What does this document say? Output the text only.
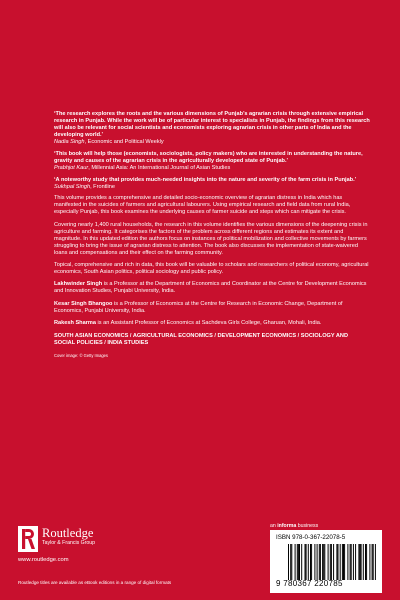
‘The research explores the roots and the various dimensions of Punjab’s agrarian crisis through extensive empirical research in Punjab. While the work will be of particular interest to specialists in Punjab, the findings from this research will also be relevant for social scientists and economists exploring agrarian crisis in other parts of India and the developing world.’
Nadia Singh, Economic and Political Weekly
‘This book will help those (economists, sociologists, policy makers) who are interested in understanding the nature, gravity and causes of the agrarian crisis in the agriculturally developed state of Punjab.’
Prabhjot Kaur, Millennial Asia: An International Journal of Asian Studies
‘A noteworthy study that provides much-needed insights into the nature and severity of the farm crisis in Punjab.’
Sukhpal Singh, Frontline

This volume provides a comprehensive and detailed socio-economic overview of agrarian distress in India which has manifested in the suicides of farmers and agricultural labourers. Using empirical research and field data from rural India, especially Punjab, this book examines the underlying causes of farmer suicide and steps which can mitigate the crisis.

Covering nearly 1,400 rural households, the research in this volume identifies the various dimensions of the deepening crisis in agriculture and farming. It categorises the factors of the problem across different regions and estimates its extent and magnitude. In this updated edition the authors focus on instances of political mobilization and collective movements by farmers struggling to bring the issue of agrarian distress to attention. The book also discusses the implementation of state-waivered loans and compensations and their effect on the farming community.

Topical, comprehensive and rich in data, this book will be valuable to scholars and researchers of political economy, agricultural economics, South Asian politics, political sociology and public policy.

Lakhwinder Singh is a Professor at the Department of Economics and Coordinator at the Centre for Development Economics and Innovation Studies, Punjabi University, India.

Kesar Singh Bhangoo is a Professor of Economics at the Centre for Research in Economic Change, Department of Economics, Punjabi University, India.

Rakesh Sharma is an Assistant Professor of Economics at Sachdeva Girls College, Gharuan, Mohali, India.

SOUTH ASIAN ECONOMICS / AGRICULTURAL ECONOMICS / DEVELOPMENT ECONOMICS / SOCIOLOGY AND SOCIAL POLICIES / INDIA STUDIES
Cover image: © Getty Images
Routledge
Taylor & Francis Group
www.routledge.com
Routledge titles are available as eBook editions in a range of digital formats
an informa business
ISBN 978-0-367-22078-5
9 780367 220785
